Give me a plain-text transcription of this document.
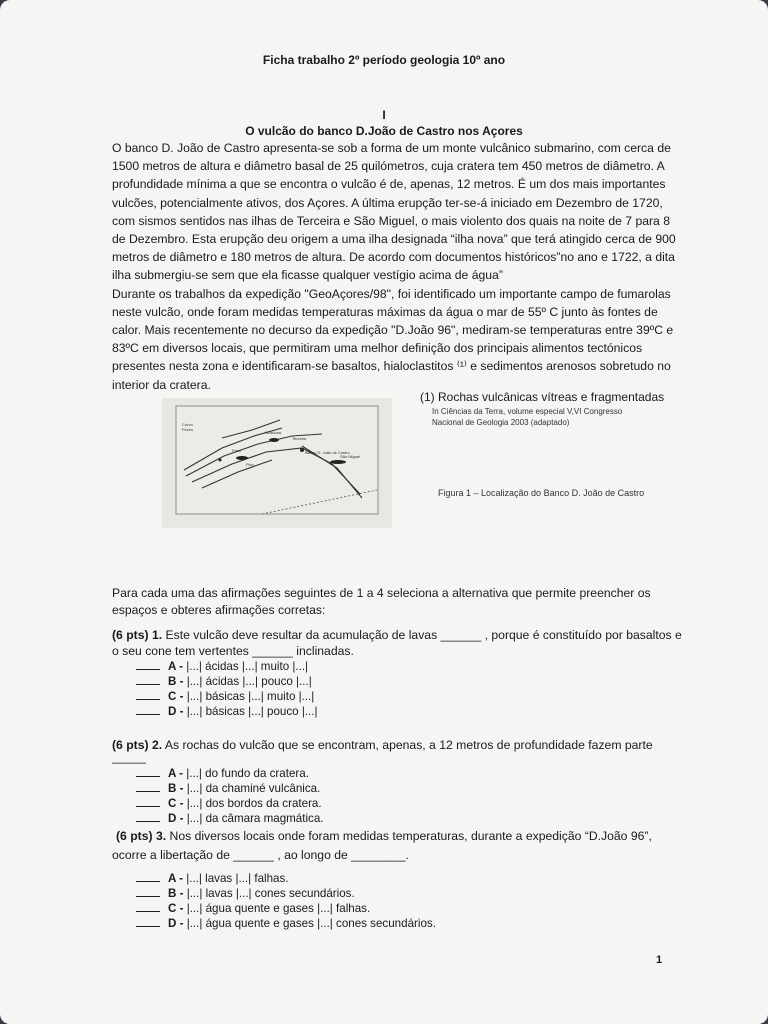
Ficha trabalho 2º período geologia 10º ano
I
O vulcão do banco D.João de Castro nos Açores
O banco D. João de Castro apresenta-se sob a forma de um monte vulcânico submarino, com cerca de
1500 metros de altura e diâmetro basal de 25 quilómetros, cuja cratera tem 450 metros de diâmetro. A
profundidade mínima a que se encontra o vulcão é de, apenas, 12 metros. É um dos mais importantes
vulcões, potencialmente ativos, dos Açores. A última erupção ter-se-á iniciado em Dezembro de 1720,
com sismos sentidos nas ilhas de Terceira e São Miguel, o mais violento dos quais na noite de 7 para 8
de Dezembro. Esta erupção deu origem a uma ilha designada “ilha nova” que terá atingido cerca de 900
metros de diâmetro e 180 metros de altura. De acordo com documentos históricos”no ano e 1722, a dita
ilha submergiu-se sem que ela ficasse qualquer vestígio acima de água”
Durante os trabalhos da expedição "GeoAçores/98", foi identificado um importante campo de fumarolas
neste vulcão, onde foram medidas temperaturas máximas da água o mar de 55º C junto às fontes de
calor. Mais recentemente no decurso da expedição "D.João 96", mediram-se temperaturas entre 39ºC e
83ºC em diversos locais, que permitiram uma melhor definição dos principais alimentos tectónicos
presentes nesta zona e identificaram-se basaltos, hialoclastitos ⁽¹⁾ e sedimentos arenosos sobretudo no
interior da cratera.
Corvo
Flores
Graciosa
Terceira
Pico
Faial	Banco D. João de Castro
São Miguel
(1) Rochas vulcânicas vítreas e fragmentadas
In Ciências da Terra, volume especial V,VI Congresso
Nacional de Geologia 2003 (adaptado)
Figura 1 – Localização do Banco D. João de Castro
Para cada uma das afirmações seguintes de 1 a 4 seleciona a alternativa que permite preencher os
espaços e obteres afirmações corretas:
(6 pts) 1. Este vulcão deve resultar da acumulação de lavas ______ , porque é constituído por basaltos e
o seu cone tem vertentes ______ inclinadas.
A - |...| ácidas |...| muito |...|
B - |...| ácidas |...| pouco |...|
C - |...| básicas |...| muito |...|
D - |...| básicas |...| pouco |...|
(6 pts) 2. As rochas do vulcão que se encontram, apenas, a 12 metros de profundidade fazem parte
_____
A - |...| do fundo da cratera.
B - |...| da chaminé vulcânica.
C - |...| dos bordos da cratera.
D - |...| da câmara magmática.
(6 pts) 3. Nos diversos locais onde foram medidas temperaturas, durante a expedição “D.João 96”,
ocorre a libertação de ______ , ao longo de ________.
A - |...| lavas |...| falhas.
B - |...| lavas |...| cones secundários.
C - |...| água quente e gases |...| falhas.
D - |...| água quente e gases |...| cones secundários.
1
